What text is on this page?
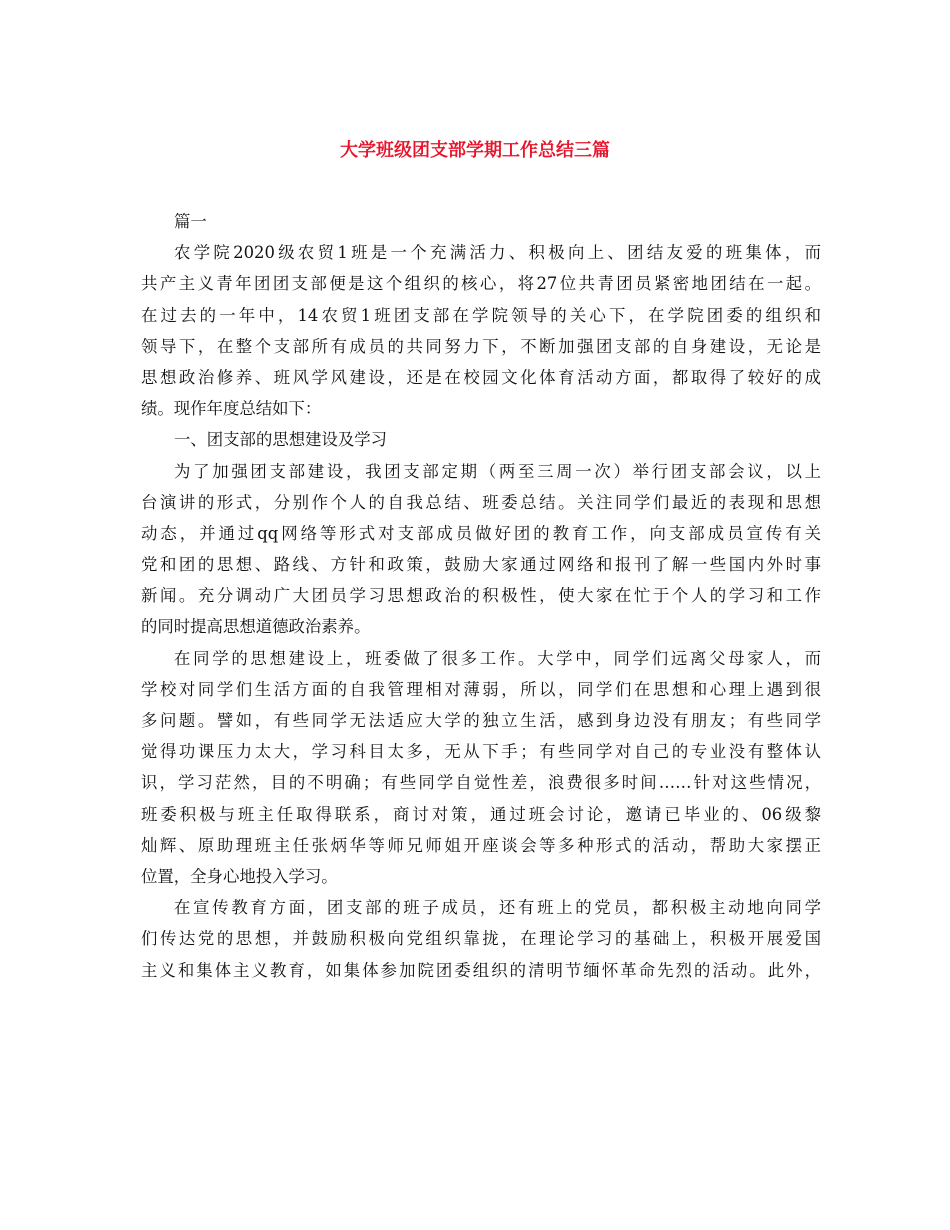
大学班级团支部学期工作总结三篇
篇一
农学院2020级农贸1班是一个充满活力、积极向上、团结友爱的班集体，而
共产主义青年团团支部便是这个组织的核心，将27位共青团员紧密地团结在一起。
在过去的一年中，14农贸1班团支部在学院领导的关心下，在学院团委的组织和
领导下，在整个支部所有成员的共同努力下，不断加强团支部的自身建设，无论是
思想政治修养、班风学风建设，还是在校园文化体育活动方面，都取得了较好的成
绩。现作年度总结如下：
一、团支部的思想建设及学习
为了加强团支部建设，我团支部定期（两至三周一次）举行团支部会议，以上
台演讲的形式，分别作个人的自我总结、班委总结。关注同学们最近的表现和思想
动态，并通过qq网络等形式对支部成员做好团的教育工作，向支部成员宣传有关
党和团的思想、路线、方针和政策，鼓励大家通过网络和报刊了解一些国内外时事
新闻。充分调动广大团员学习思想政治的积极性，使大家在忙于个人的学习和工作
的同时提高思想道德政治素养。
在同学的思想建设上，班委做了很多工作。大学中，同学们远离父母家人，而
学校对同学们生活方面的自我管理相对薄弱，所以，同学们在思想和心理上遇到很
多问题。譬如，有些同学无法适应大学的独立生活，感到身边没有朋友；有些同学
觉得功课压力太大，学习科目太多，无从下手；有些同学对自己的专业没有整体认
识，学习茫然，目的不明确；有些同学自觉性差，浪费很多时间……针对这些情况，
班委积极与班主任取得联系，商讨对策，通过班会讨论，邀请已毕业的、06级黎
灿辉、原助理班主任张炳华等师兄师姐开座谈会等多种形式的活动，帮助大家摆正
位置，全身心地投入学习。
在宣传教育方面，团支部的班子成员，还有班上的党员，都积极主动地向同学
们传达党的思想，并鼓励积极向党组织靠拢，在理论学习的基础上，积极开展爱国
主义和集体主义教育，如集体参加院团委组织的清明节缅怀革命先烈的活动。此外，
